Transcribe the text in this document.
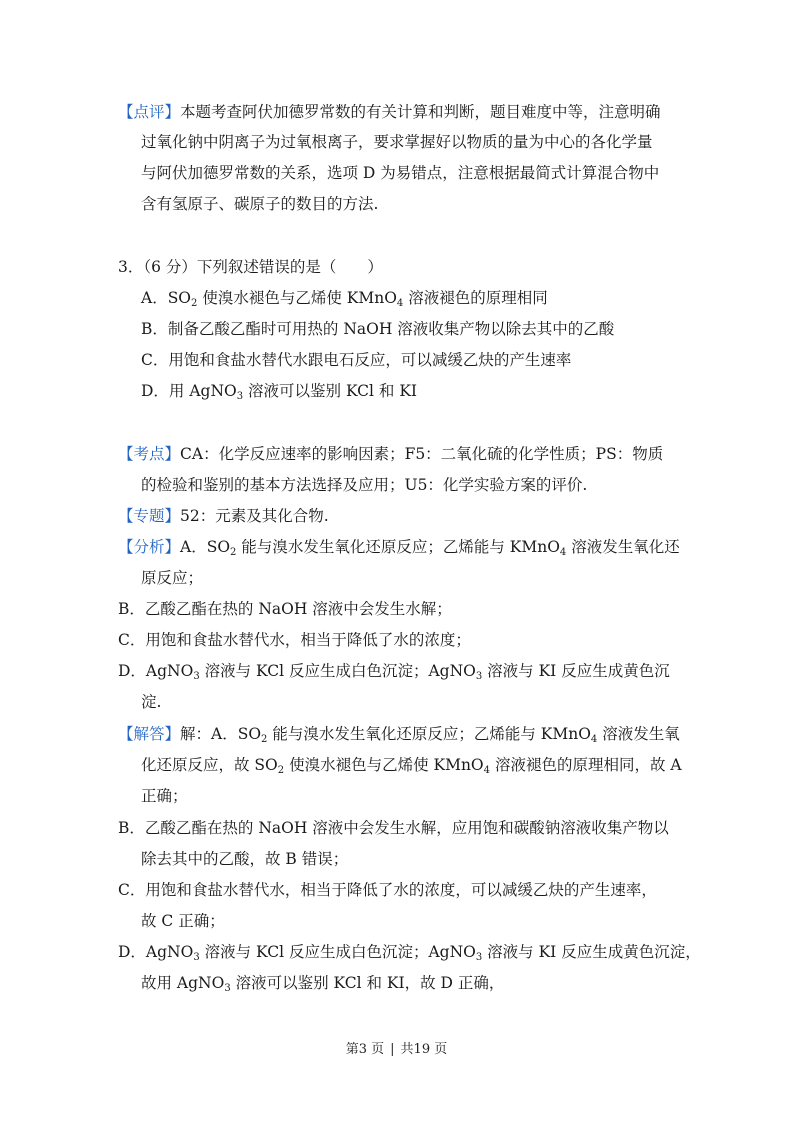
【点评】本题考查阿伏加德罗常数的有关计算和判断，题目难度中等，注意明确
过氧化钠中阴离子为过氧根离子，要求掌握好以物质的量为中心的各化学量
与阿伏加德罗常数的关系，选项 D 为易错点，注意根据最简式计算混合物中
含有氢原子、碳原子的数目的方法.
3．（6 分）下列叙述错误的是（　　）
A．$SO_2$ 使溴水褪色与乙烯使 KMnO$_4$ 溶液褪色的原理相同
B．制备乙酸乙酯时可用热的 NaOH 溶液收集产物以除去其中的乙酸
C．用饱和食盐水替代水跟电石反应，可以减缓乙炔的产生速率
D．用 AgNO$_3$ 溶液可以鉴别 KCl 和 KI
【考点】CA：化学反应速率的影响因素；F5：二氧化硫的化学性质；PS：物质
的检验和鉴别的基本方法选择及应用；U5：化学实验方案的评价.
【专题】52：元素及其化合物.
【分析】A．$SO_2$ 能与溴水发生氧化还原反应；乙烯能与 KMnO$_4$ 溶液发生氧化还
原反应；
B．乙酸乙酯在热的 NaOH 溶液中会发生水解；
C．用饱和食盐水替代水，相当于降低了水的浓度；
D．AgNO$_3$ 溶液与 KCl 反应生成白色沉淀；AgNO$_3$ 溶液与 KI 反应生成黄色沉
淀.
【解答】解：A．$SO_2$ 能与溴水发生氧化还原反应；乙烯能与 KMnO$_4$ 溶液发生氧
化还原反应，故 $SO_2$ 使溴水褪色与乙烯使 KMnO$_4$ 溶液褪色的原理相同，故 A
正确；
B．乙酸乙酯在热的 NaOH 溶液中会发生水解，应用饱和碳酸钠溶液收集产物以
除去其中的乙酸，故 B 错误；
C．用饱和食盐水替代水，相当于降低了水的浓度，可以减缓乙炔的产生速率，
故 C 正确；
D．AgNO$_3$ 溶液与 KCl 反应生成白色沉淀；AgNO$_3$ 溶液与 KI 反应生成黄色沉淀，
故用 AgNO$_3$ 溶液可以鉴别 KCl 和 KI，故 D 正确，
第3 页 | 共19 页
